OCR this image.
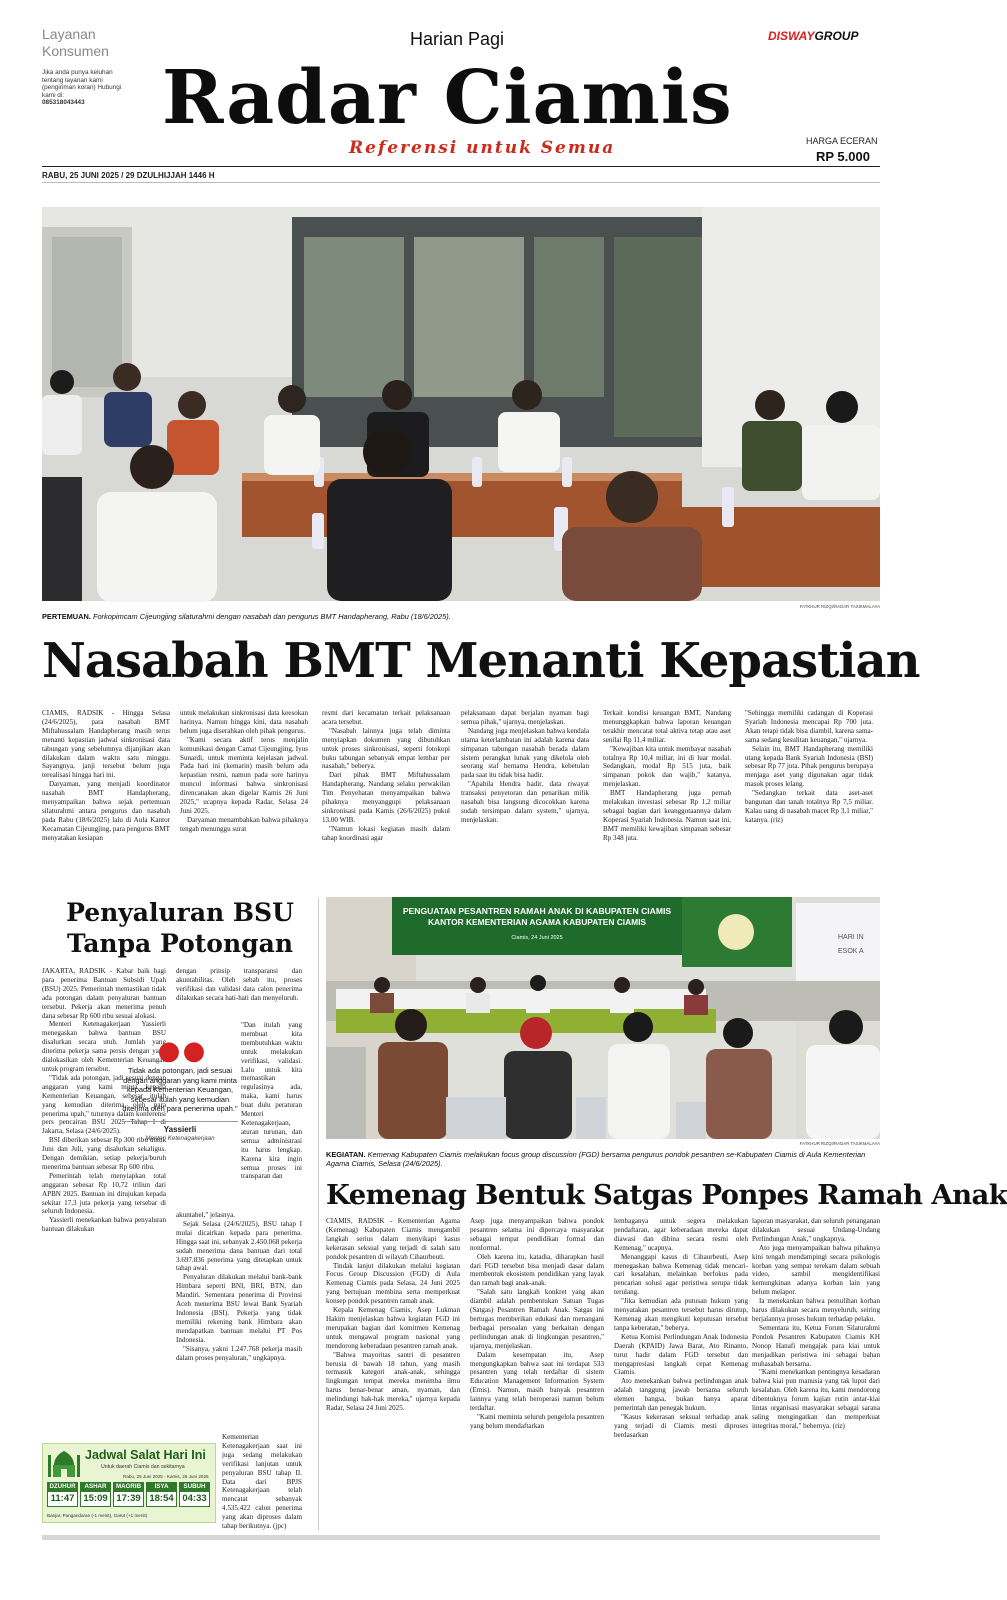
Layanan Konsumen
Jika anda punya keluhan tentang layanan kami (pengiriman koran) Hubungi kami di:
085318043443
Harian Pagi
Radar Ciamis
Referensi untuk Semua
DISWAYGROUP
HARGA ECERAN
RP 5.000
RABU, 25 JUNI 2025 / 29 DZULHIJJAH 1446 H
FATKHUR RIZQI/RADAR TASIKMALAYA
PERTEMUAN. Forkopimcam Cijeungjing silaturahmi dengan nasabah dan pengurus BMT Handapherang, Rabu (18/6/2025).
Nasabah BMT Menanti Kepastian

CIAMIS, RADSIK - Hingga Selasa (24/6/2025), para nasabah BMT Miftahussalam Handapherang masih terus menanti kepastian jadwal sinkronisasi data tabungan yang sebelumnya dijanjikan akan dilakukan dalam waktu satu minggu. Sayangnya, janji tersebut belum juga terealisasi hingga hari ini.

Daryaman, yang menjadi koordinator nasabah BMT Handapherang, menyampaikan bahwa sejak pertemuan silaturahmi antara pengurus dan nasabah pada Rabu (18/6/2025) lalu di Aula Kantor Kecamatan Cijeungjing, para pengurus BMT menyatakan kesiapan

untuk melakukan sinkronisasi data keesokan harinya. Namun hingga kini, data nasabah belum juga diserahkan oleh pihak pengurus.

"Kami secara aktif terus menjalin komunikasi dengan Camat Cijeungjing, Iyus Sunardi, untuk meminta kejelasan jadwal. Pada hari ini (kemarin) masih belum ada kepastian resmi, namun pada sore harinya muncul informasi bahwa sinkronisasi direncanakan akan digelar Kamis 26 Juni 2025," ucapnya kepada Radar, Selasa 24 Juni 2025.

Daryaman menambahkan bahwa pihaknya tengah menunggu surat

resmi dari kecamatan terkait pelaksanaan acara tersebut.

"Nasabah lainnya juga telah diminta menyiapkan dokumen yang dibutuhkan untuk proses sinkronisasi, seperti fotokopi buku tabungan sebanyak empat lembar per nasabah," beberya.

Dari pihak BMT Miftahussalam Handapherang, Nandang selaku perwakilan Tim Penyehatan menyampaikan bahwa pihaknya menyanggupi pelaksanaan sinkronisasi pada Kamis (26/6/2025) pukul 13.00 WIB.

"Namun lokasi kegiatan masih dalam tahap koordinasi agar

pelaksanaan dapat berjalan nyaman bagi semua pihak," ujarnya, menjelaskan.

Nandang juga menjelaskan bahwa kendala utama keterlambatan ini adalah karena data simpanan tabungan nasabah berada dalam sistem perangkat lunak yang dikelola oleh seorang staf bernama Hendra, kebetulan pada saat itu tidak bisa hadir.

"Apabila Hendra hadir, data riwayat transaksi penyetoran dan penarikan milik nasabah bisa langsung dicocokkan karena sudah tersimpan dalam system," ujarnya, menjelaskan.

Terkait kondisi keuangan BMT, Nandang menunggkapkan bahwa laporan keuangan terakhir mencatat total aktiva tetap atau aset senilai Rp 11,4 miliar.

"Kewajiban kita untuk membayar nasabah totalnya Rp 10,4 miliar, ini di luar modal. Sedangkan, modal Rp 515 juta, baik simpanan pokok dan wajib," katanya, menjelaskan.

BMT Handapherang juga pernah melakukan investasi sebesar Rp 1,2 miliar sebagai bagian dari keanggotaannya dalam Koperasi Syariah Indonesia. Namun saat ini, BMT memiliki kewajiban simpanan sebesar Rp 348 juta.

"Sehingga memiliki cadangan di Koperasi Syariah Indonesia mencapai Rp 700 juta. Akan tetapi tidak bisa diambil, karena sama-sama sedang kesulitan keuangan," ujarnya.

Selain itu, BMT Handapherang memiliki utang kepada Bank Syariah Indonesia (BSI) sebesar Rp 77 juta. Pihak pengurus berupaya menjaga aset yang digunakan agar tidak masuk proses lelang.

"Sedangkan terkait data aset-aset bangunan dan tanah totalnya Rp 7,5 miliar. Kalau uang di nasabah macet Rp 3,1 miliar," katanya. (riz)

Penyaluran BSU Tanpa Potongan

JAKARTA, RADSIK - Kabar baik bagi para penerima Bantuan Subsidi Upah (BSU) 2025. Pemerintah memastikan tidak ada potongan dalam penyaluran bantuan tersebut. Pekerja akan menerima penuh dana sebesar Rp 600 ribu sesuai alokasi.

Menteri Ketenagakerjaan Yassierli menegaskan bahwa bantuan BSU disalurkan secara utuh. Jumlah yang diterima pekerja sama persis dengan yang dialokasikan oleh Kementerian Keuangan untuk program tersebut.

"Tidak ada potongan, jadi sesuai dengan anggaran yang kami minta kepada Kementerian Keuangan, sebesar itulah yang kemudian diterima oleh para penerima upah," tuturnya dalam konferensi pers pencairan BSU 2025 Tahap I di Jakarta, Selasa (24/6/2025).

BSI diberikan sebesar Rp 300 ribu untuk Juni dan Juli, yang disalurkan sekaligus. Dengan demikian, setiap pekerja/buruh menerima bantuan sebesar Rp 600 ribu.

Pemerintah telah menyiapkan total anggaran sebesar Rp 10,72 triliun dari APBN 2025. Bantuan ini ditujukan kepada sekitar 17,3 juta pekerja yang tersebar di seluruh Indonesia.

Yassierli menekankan bahwa penyaluran bantuan dilakukan

dengan prinsip transparansi dan akuntabilitas. Oleh sebab itu, proses verifikasi dan validasi data calon penerima dilakukan secara hati-hati dan menyeluruh.

"Dan itulah yang membuat kita membutuhkan waktu untuk melakukan verifikasi, validasi. Lalu untuk kita memastikan regulasinya ada, maka, kami harus buat dulu peraturan Menteri Ketenagakerjaan, aturan turunan, dan semua administrasi itu harus lengkap. Karena kita ingin semua proses ini transparan dan

akuntabel," jelasnya.

Sejak Selasa (24/6/2025), BSU tahap I mulai dicairkan kepada para penerima. Hingga saat ini, sebanyak 2.450.068 pekerja sudah menerima dana bantuan dari total 3.697.836 penerima yang ditetapkan untuk tahap awal.

Penyaluran dilakukan melalui bank-bank Himbara seperti BNI, BRI, BTN, dan Mandiri. Sementara penerima di Provinsi Aceh menerima BSU lewat Bank Syariah Indonesia (BSI). Pekerja yang tidak memiliki rekening bank Himbara akan mendapatkan bantuan melalui PT Pos Indonesia.

"Sisanya, yakni 1.247.768 pekerja masih dalam proses penyaluran," ungkapnya.

Kementerian Ketenagakerjaan saat ini juga sedang melakukan verifikasi lanjutan untuk penyaluran BSU tahap II. Data dari BPJS Ketenagakerjaan telah mencatat sebanyak 4.535.422 calon penerima yang akan diproses dalam tahap berikutnya. (jpc)

● ●
Tidak ada potongan, jadi sesuai dengan anggaran yang kami minta kepada Kementerian Keuangan, sebesar itulah yang kemudian diterima oleh para penerima upah."
Yassierli
Menteri Ketenagakerjaan
Jadwal Salat Hari Ini
Untuk daerah Ciamis dan sekitarnya
Rabu, 25 Juni 2025 - Kamis, 26 Juni 2025
DZUHUR
11:47
ASHAR
15:09
MAGRIB
17:39
ISYA
18:54
SUBUH
04:33
Banjar, Pangandaran (-1 menit), Garut (+1 menit)
PENGUATAN PESANTREN RAMAH ANAK DI KABUPATEN CIAMIS
KANTOR KEMENTERIAN AGAMA KABUPATEN CIAMIS
Ciamis, 24 Juni 2025	HARI IN
ESOK A
FATKHUR RIZQI/RADAR TASIKMALAYA
KEGIATAN. Kemenag Kabupaten Ciamis melakukan focus group discussion (FGD) bersama pengurus pondok pesantren se-Kabupaten Ciamis di Aula Kementerian Agama Ciamis, Selasa (24/6/2025).
Kemenag Bentuk Satgas Ponpes Ramah Anak

CIAMIS, RADSIK - Kementerian Agama (Kemenag) Kabupaten Ciamis mengambil langkah serius dalam menyikapi kasus kekerasan seksual yang terjadi di salah satu pondok pesantren di wilayah Cihaurbeuti.

Tindak lanjut dilakukan melalui kegiatan Focus Group Discussion (FGD) di Aula Kemenag Ciamis pada Selasa, 24 Juni 2025 yang bertujuan membina serta memperkuat konsep pondok pesantren ramah anak.

Kepala Kemenag Ciamis, Asep Lukman Hakim menjelaskan bahwa kegiatan FGD ini merupakan bagian dari komitmen Kemenag untuk mengawal program nasional yang mendorong keberadaan pesantren ramah anak.

"Bahwa mayoritas santri di pesantren berusia di bawah 18 tahun, yang masih termasuk kategori anak-anak, sehingga lingkungan tempat mereka menimba ilmu harus benar-benar aman, nyaman, dan melindungi hak-hak mereka," ujarnya kepada Radar, Selasa 24 Juni 2025.

Asep juga menyampaikan bahwa pondok pesantren selama ini dipercaya masyarakat sebagai tempat pendidikan formal dan nonformal.

Oleh karena itu, katadia, diharapkan hasil dari FGD tersebut bisa menjadi dasar dalam membentuk ekosistem pendidikan yang layak dan ramah bagi anak-anak.

"Salah satu langkah konkret yang akan diambil adalah pembentukan Satuan Tugas (Satgas) Pesantren Ramah Anak. Satgas ini bertugas memberikan edukasi dan menangani berbagai persoalan yang berkaitan dengan perlindungan anak di lingkungan pesantren," ujarnya, menjelaskan.

Dalam kesempatan itu, Asep mengungkapkan bahwa saat ini terdapat 533 pesantren yang telah terdaftar di sistem Education Management Information System (Emis). Namun, masih banyak pesantren lainnya yang telah beroperasi namun belum terdaftar.

"Kami meminta seluruh pengelola pesantren yang belum mendaftarkan

lembaganya untuk segera melakukan pendaftaran, agar keberadaan mereka dapat diawasi dan dibina secara resmi oleh Kemenag," ucapnya.

Menanggapi kasus di Cihaurbeuti, Asep menegaskan bahwa Kemenag tidak mencari-cari kesalahan, melainkan berfokus pada pencarian solusi agar peristiwa serupa tidak terulang.

"Jika kemudian ada putusan hukum yang menyatakan pesantren tersebut harus ditutup, Kemenag akan mengikuti keputusan tersebut tanpa keberatan," beberya.

Ketua Komisi Perlindungan Anak Indonesia Daerah (KPAID) Jawa Barat, Ato Rinanto, turut hadir dalam FGD tersebut dan mengapresiasi langkah cepat Kemenag Ciamis.

Ato menekankan bahwa perlindungan anak adalah tanggung jawab bersama seluruh elemen bangsa, bukan hanya aparat pemerintah dan penegak hukum.

"Kasus kekerasan seksual terhadap anak yang terjadi di Ciamis mesti diproses berdasarkan

laporan masyarakat, dan seluruh penanganan dilakukan sesuai Undang-Undang Perlindungan Anak," ungkapnya.

Ato juga menyampaikan bahwa pihaknya kini tengah mendampingi secara psikologis korban yang sempat terekam dalam sebuah video, sambil mengidentifikasi kemungkinan adanya korban lain yang belum melapor.

Ia menekankan bahwa pemulihan korban harus dilakukan secara menyeluruh, seiring berjalannya proses hukum terhadap pelaku.

Sementara itu, Ketua Forum Silaturahmi Pondok Pesantren Kabupaten Ciamis KH Nonop Hanafi mengajak para kiai untuk menjadikan peristiwa ini sebagai bahan muhasabah bersama.

"Kami menekankan pentingnya kesadaran bahwa kiai pun manusia yang tak luput dari kesalahan. Oleh karena itu, kami mendorong dibentuknya forum kajian rutin antar-kiai lintas organisasi masyarakat sebagai sarana saling mengingatkan dan memperkuat integritas moral," bebernya. (riz)
